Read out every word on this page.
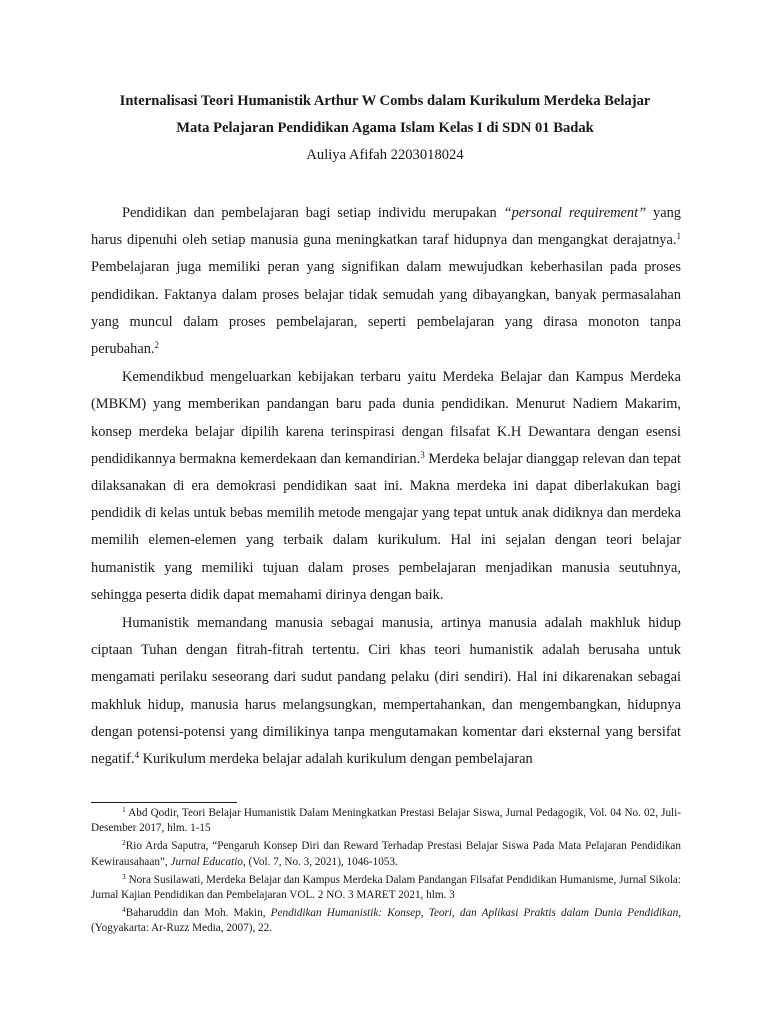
Internalisasi Teori Humanistik Arthur W Combs dalam Kurikulum Merdeka Belajar
Mata Pelajaran Pendidikan Agama Islam Kelas I di SDN 01 Badak
Auliya Afifah 2203018024

Pendidikan dan pembelajaran bagi setiap individu merupakan “personal requirement” yang harus dipenuhi oleh setiap manusia guna meningkatkan taraf hidupnya dan mengangkat derajatnya.$^1$ Pembelajaran juga memiliki peran yang signifikan dalam mewujudkan keberhasilan pada proses pendidikan. Faktanya dalam proses belajar tidak semudah yang dibayangkan, banyak permasalahan yang muncul dalam proses pembelajaran, seperti pembelajaran yang dirasa monoton tanpa perubahan.$^2$

Kemendikbud mengeluarkan kebijakan terbaru yaitu Merdeka Belajar dan Kampus Merdeka (MBKM) yang memberikan pandangan baru pada dunia pendidikan. Menurut Nadiem Makarim, konsep merdeka belajar dipilih karena terinspirasi dengan filsafat K.H Dewantara dengan esensi pendidikannya bermakna kemerdekaan dan kemandirian.$^3$ Merdeka belajar dianggap relevan dan tepat dilaksanakan di era demokrasi pendidikan saat ini. Makna merdeka ini dapat diberlakukan bagi pendidik di kelas untuk bebas memilih metode mengajar yang tepat untuk anak didiknya dan merdeka memilih elemen-elemen yang terbaik dalam kurikulum. Hal ini sejalan dengan teori belajar humanistik yang memiliki tujuan dalam proses pembelajaran menjadikan manusia seutuhnya, sehingga peserta didik dapat memahami dirinya dengan baik.

Humanistik memandang manusia sebagai manusia, artinya manusia adalah makhluk hidup ciptaan Tuhan dengan fitrah-fitrah tertentu. Ciri khas teori humanistik adalah berusaha untuk mengamati perilaku seseorang dari sudut pandang pelaku (diri sendiri). Hal ini dikarenakan sebagai makhluk hidup, manusia harus melangsungkan, mempertahankan, dan mengembangkan, hidupnya dengan potensi-potensi yang dimilikinya tanpa mengutamakan komentar dari eksternal yang bersifat negatif.$^4$ Kurikulum merdeka belajar adalah kurikulum dengan pembelajaran

$^1$ Abd Qodir, Teori Belajar Humanistik Dalam Meningkatkan Prestasi Belajar Siswa, Jurnal Pedagogik, Vol. 04 No. 02, Juli-Desember 2017, hlm. 1-15

$^2$Rio Arda Saputra, “Pengaruh Konsep Diri dan Reward Terhadap Prestasi Belajar Siswa Pada Mata Pelajaran Pendidikan Kewirausahaan”, Jurnal Educatio, (Vol. 7, No. 3, 2021), 1046-1053.

$^3$ Nora Susilawati, Merdeka Belajar dan Kampus Merdeka Dalam Pandangan Filsafat Pendidikan Humanisme, Jurnal Sikola: Jurnal Kajian Pendidikan dan Pembelajaran VOL. 2 NO. 3 MARET 2021, hlm. 3

$^4$Baharuddin dan Moh. Makin, Pendidikan Humanistik: Konsep, Teori, dan Aplikasi Praktis dalam Dunia Pendidikan, (Yogyakarta: Ar-Ruzz Media, 2007), 22.
